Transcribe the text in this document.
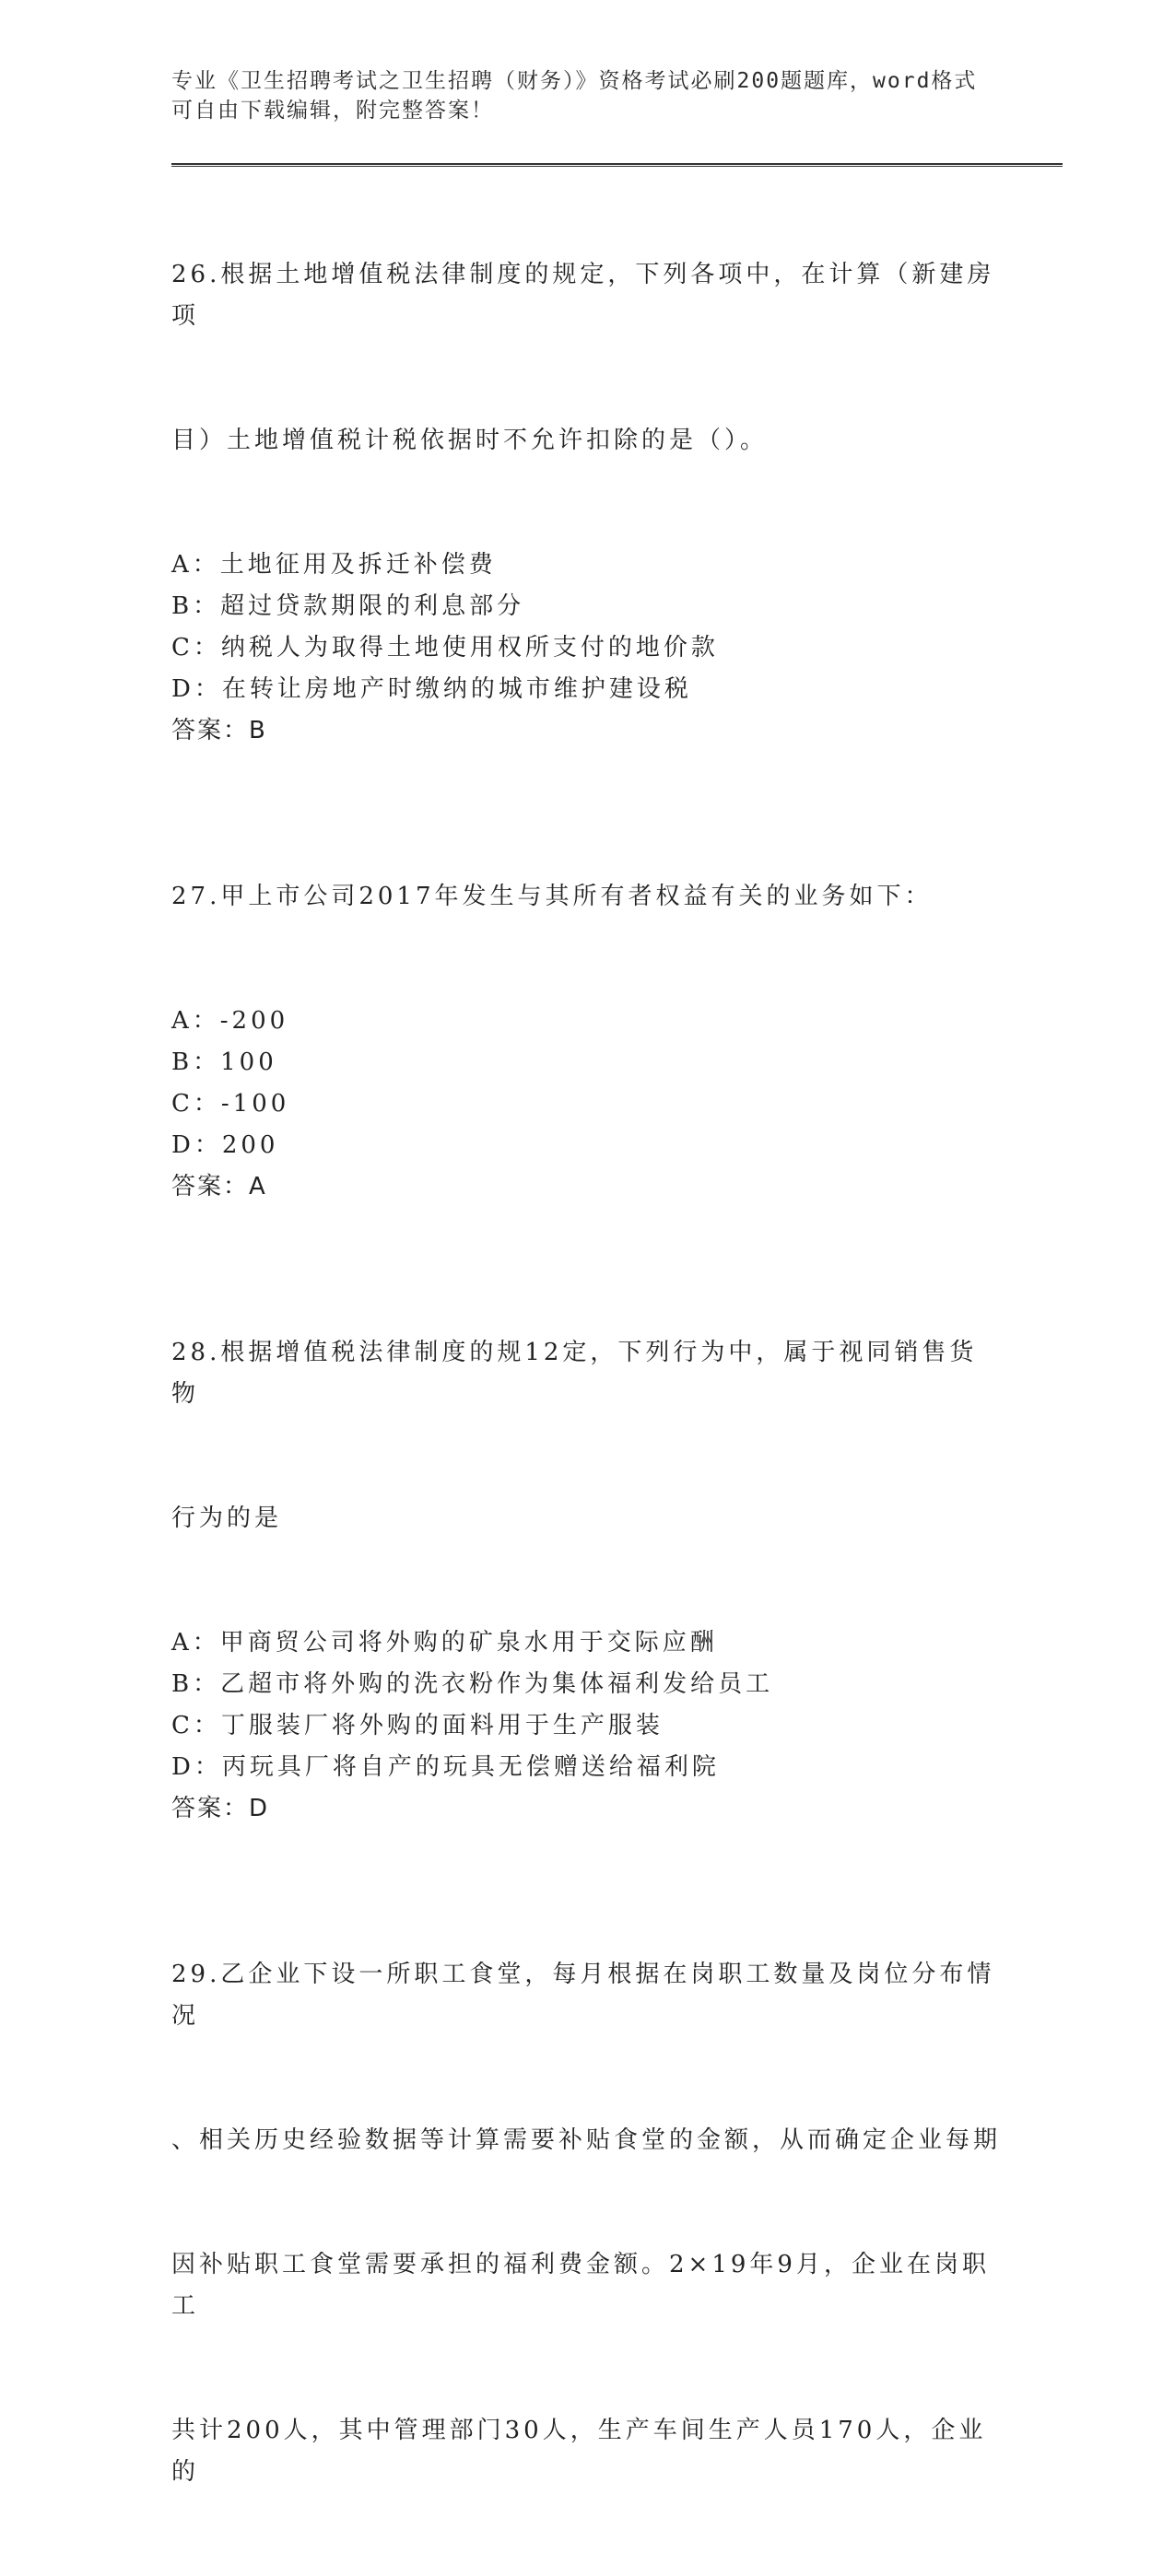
专业《卫生招聘考试之卫生招聘（财务）》资格考试必刷200题题库，word格式
可自由下载编辑，附完整答案！

26.根据土地增值税法律制度的规定，下列各项中，在计算（新建房项

目）土地增值税计税依据时不允许扣除的是（）。

A：土地征用及拆迁补偿费

B：超过贷款期限的利息部分

C：纳税人为取得土地使用权所支付的地价款

D：在转让房地产时缴纳的城市维护建设税

答案：B

27.甲上市公司2017年发生与其所有者权益有关的业务如下：

A：-200

B：100

C：-100

D：200

答案：A

28.根据增值税法律制度的规12定，下列行为中，属于视同销售货物

行为的是

A：甲商贸公司将外购的矿泉水用于交际应酬

B：乙超市将外购的洗衣粉作为集体福利发给员工

C：丁服装厂将外购的面料用于生产服装

D：丙玩具厂将自产的玩具无偿赠送给福利院

答案：D

29.乙企业下设一所职工食堂，每月根据在岗职工数量及岗位分布情况

、相关历史经验数据等计算需要补贴食堂的金额，从而确定企业每期

因补贴职工食堂需要承担的福利费金额。2×19年9月，企业在岗职工

共计200人，其中管理部门30人，生产车间生产人员170人，企业的
